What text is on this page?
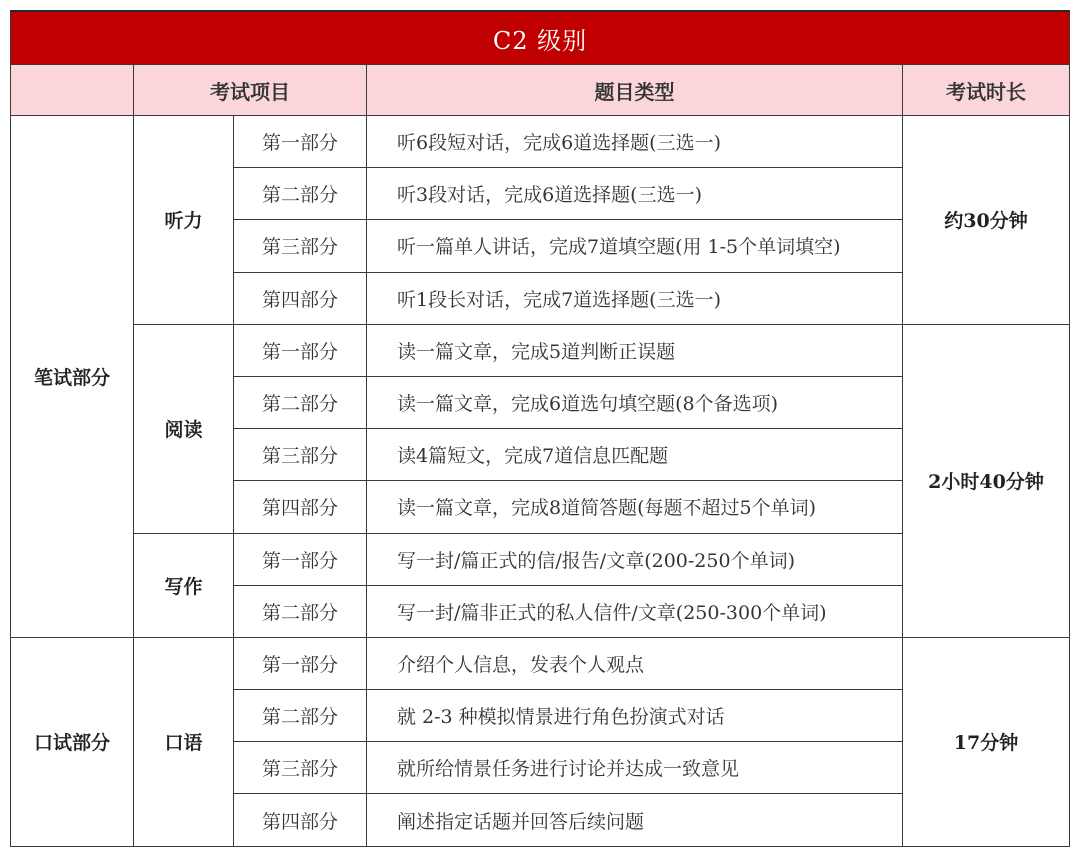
C2 级别				
	考试项目		题目类型	考试时长
笔试部分	听力	第一部分	听6段短对话，完成6道选择题(三选一)	约30分钟
		第二部分	听3段对话，完成6道选择题(三选一)	
		第三部分	听一篇单人讲话，完成7道填空题(用 1-5个单词填空)	
		第四部分	听1段长对话，完成7道选择题(三选一)	
	阅读	第一部分	读一篇文章，完成5道判断正误题	2小时40分钟
		第二部分	读一篇文章，完成6道选句填空题(8个备选项)	
		第三部分	读4篇短文，完成7道信息匹配题	
		第四部分	读一篇文章，完成8道简答题(每题不超过5个单词)	
	写作	第一部分	写一封/篇正式的信/报告/文章(200-250个单词)	
		第二部分	写一封/篇非正式的私人信件/文章(250-300个单词)	
口试部分	口语	第一部分	介绍个人信息，发表个人观点	17分钟
		第二部分	就 2-3 种模拟情景进行角色扮演式对话	
		第三部分	就所给情景任务进行讨论并达成一致意见	
		第四部分	阐述指定话题并回答后续问题	
